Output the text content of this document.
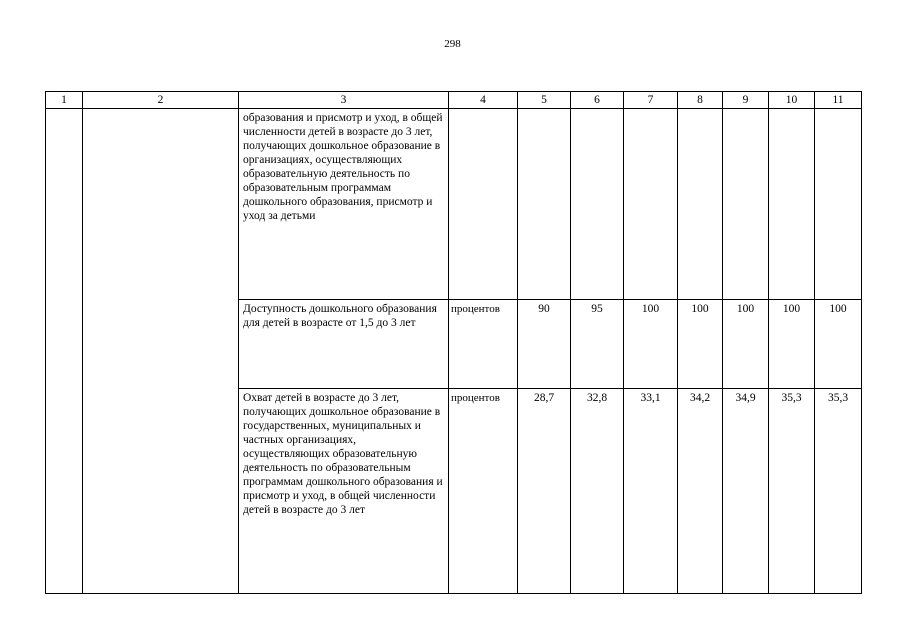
298
1	2	3	4	5	6	7	8	9	10	11
		образования и присмотр и уход, в общей численности детей в возрасте до 3 лет, получающих дошкольное образование в организациях, осуществляющих образовательную деятельность по образовательным программам дошкольного образования, присмотр и уход за детьми								
		Доступность дошкольного образования для детей в возрасте от 1,5 до 3 лет	процентов	90	95	100	100	100	100	100
		Охват детей в возрасте до 3 лет, получающих дошкольное образование в государственных, муниципальных и частных организациях, осуществляющих образовательную деятельность по образовательным программам дошкольного образования и присмотр и уход, в общей численности детей в возрасте до 3 лет	процентов	28,7	32,8	33,1	34,2	34,9	35,3	35,3
